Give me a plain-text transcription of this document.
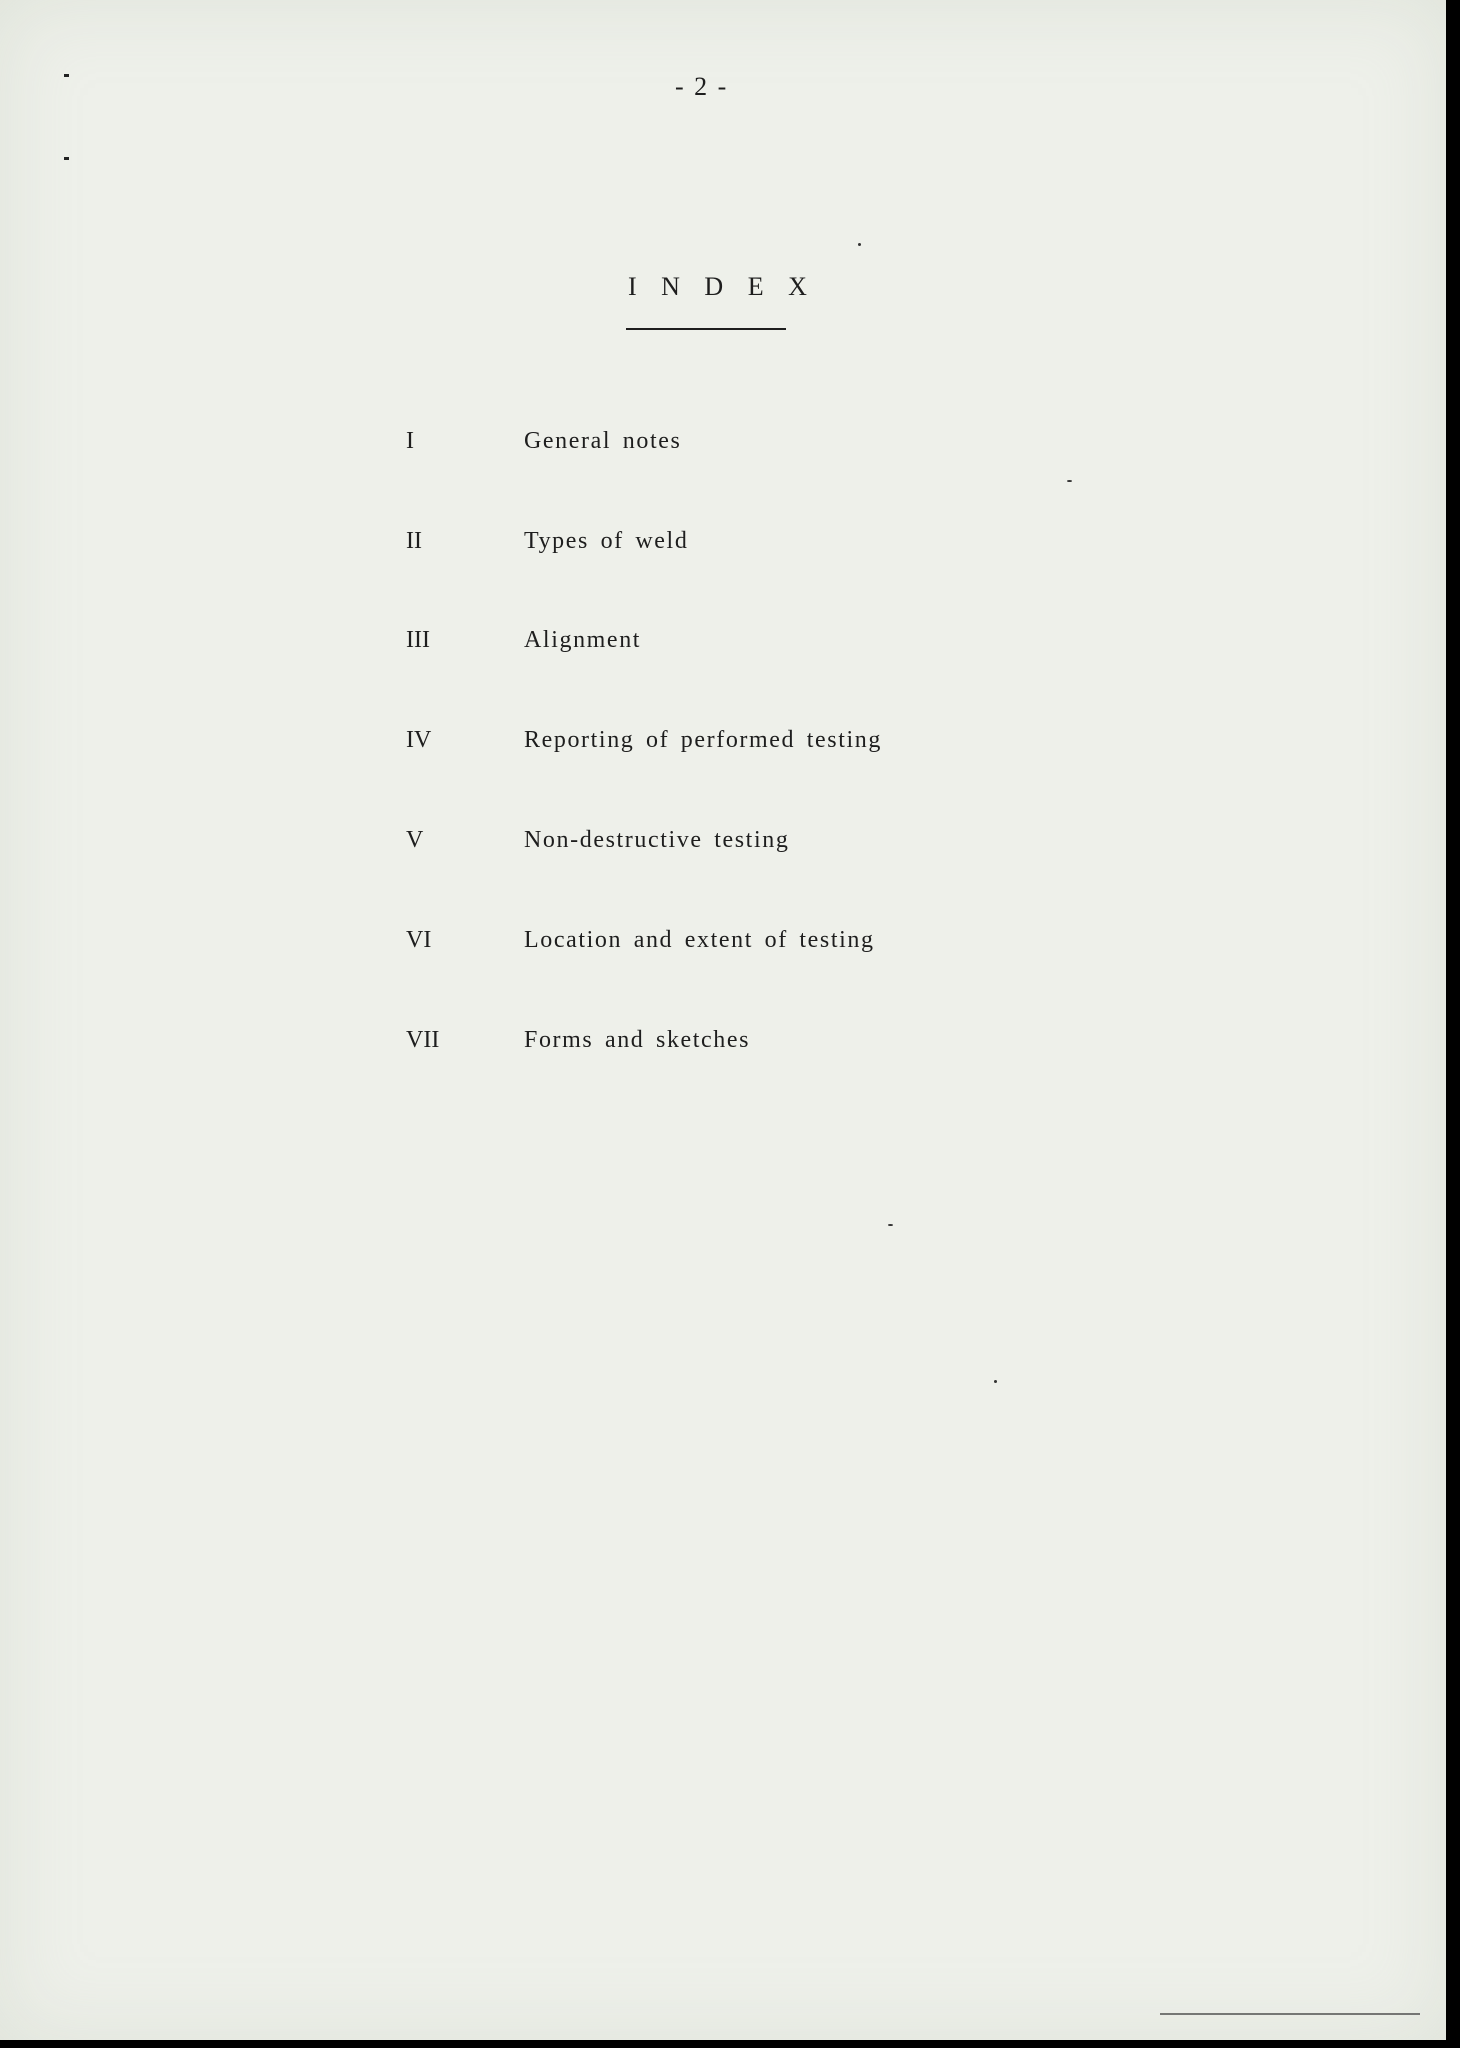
- 2 -
I N D E X
I	General notes
II	Types of weld
III	Alignment
IV	Reporting of performed testing
V	Non-destructive testing
VI	Location and extent of testing
VII	Forms and sketches
